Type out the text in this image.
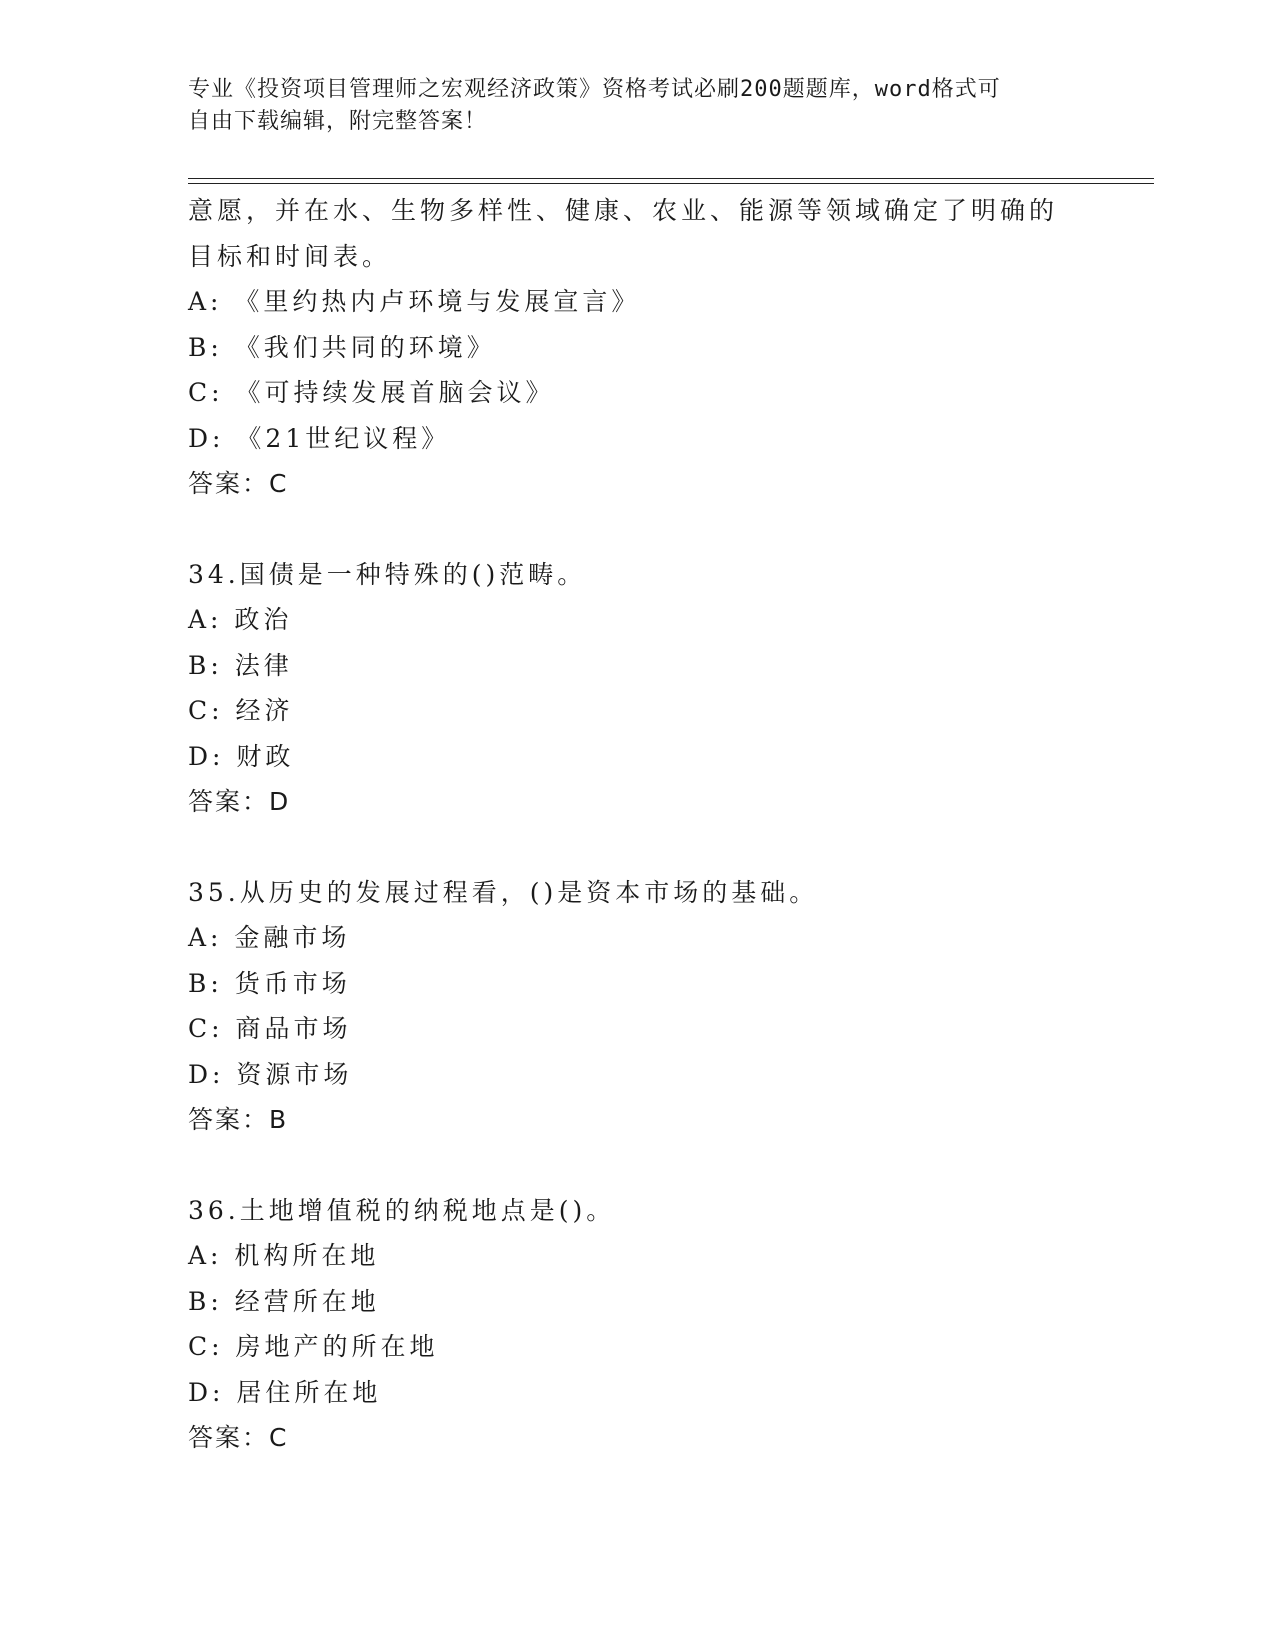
专业《投资项目管理师之宏观经济政策》资格考试必刷200题题库，word格式可
自由下载编辑，附完整答案！
意愿，并在水、生物多样性、健康、农业、能源等领域确定了明确的
目标和时间表。
A: 《里约热内卢环境与发展宣言》
B: 《我们共同的环境》
C: 《可持续发展首脑会议》
D: 《21世纪议程》
答案：C
34.国债是一种特殊的()范畴。
A: 政治
B: 法律
C: 经济
D: 财政
答案：D
35.从历史的发展过程看，()是资本市场的基础。
A: 金融市场
B: 货币市场
C: 商品市场
D: 资源市场
答案：B
36.土地增值税的纳税地点是()。
A: 机构所在地
B: 经营所在地
C: 房地产的所在地
D: 居住所在地
答案：C
